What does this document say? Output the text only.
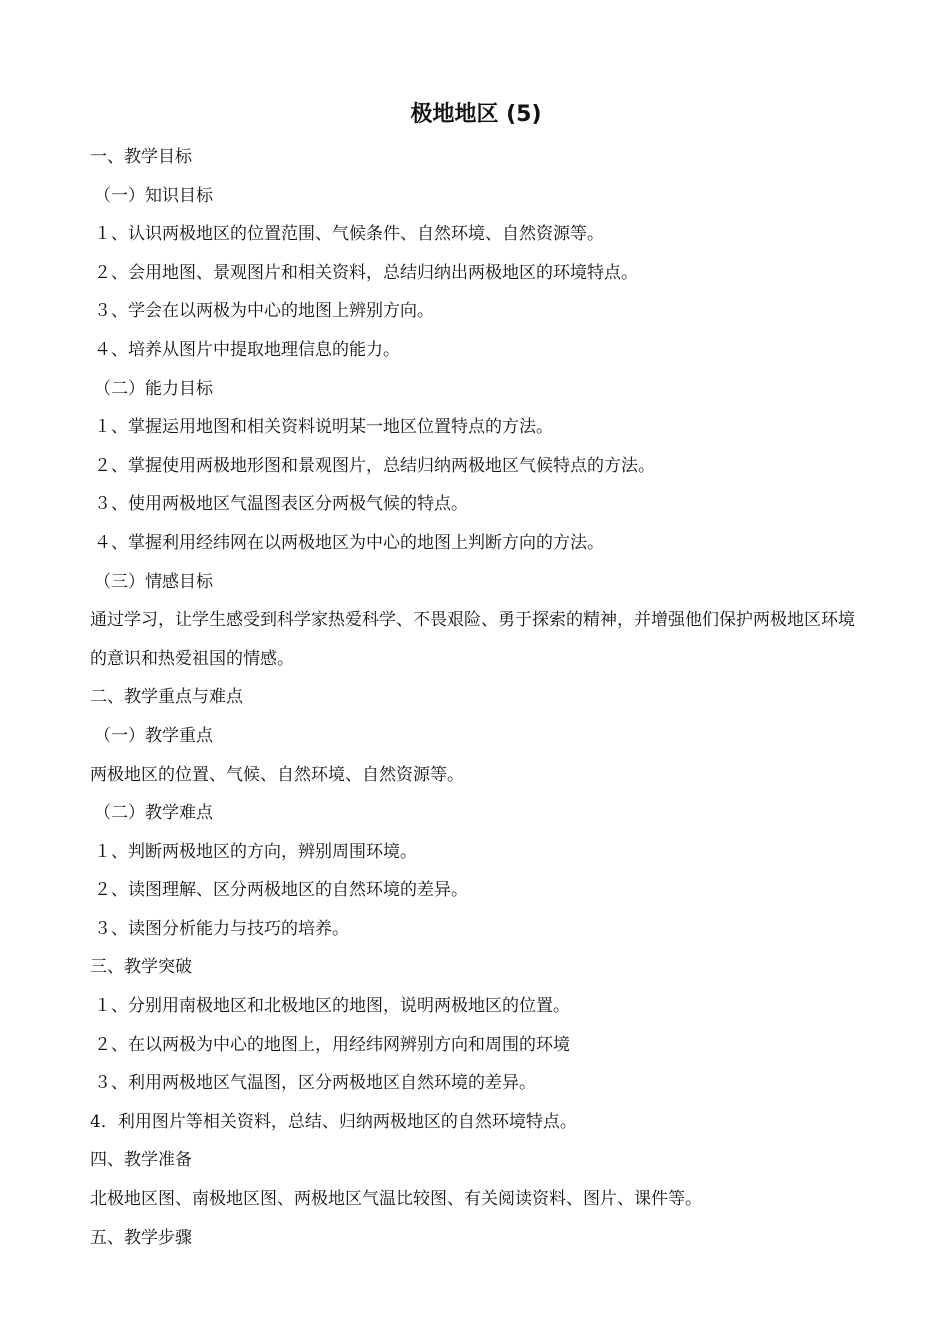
极地地区 (5)
一、教学目标
（一）知识目标
１、认识两极地区的位置范围、气候条件、自然环境、自然资源等。
２、会用地图、景观图片和相关资料，总结归纳出两极地区的环境特点。
３、学会在以两极为中心的地图上辨别方向。
４、培养从图片中提取地理信息的能力。
（二）能力目标
１、掌握运用地图和相关资料说明某一地区位置特点的方法。
２、掌握使用两极地形图和景观图片，总结归纳两极地区气候特点的方法。
３、使用两极地区气温图表区分两极气候的特点。
４、掌握利用经纬网在以两极地区为中心的地图上判断方向的方法。
（三）情感目标

通过学习，让学生感受到科学家热爱科学、不畏艰险、勇于探索的精神，并增强他们保护两极地区环境的意识和热爱祖国的情感。

二、教学重点与难点
（一）教学重点
两极地区的位置、气候、自然环境、自然资源等。
（二）教学难点
１、判断两极地区的方向，辨别周围环境。
２、读图理解、区分两极地区的自然环境的差异。
３、读图分析能力与技巧的培养。
三、教学突破
１、分别用南极地区和北极地区的地图，说明两极地区的位置。
２、在以两极为中心的地图上，用经纬网辨别方向和周围的环境
３、利用两极地区气温图，区分两极地区自然环境的差异。
4．利用图片等相关资料，总结、归纳两极地区的自然环境特点。
四、教学准备
北极地区图、南极地区图、两极地区气温比较图、有关阅读资料、图片、课件等。
五、教学步骤
